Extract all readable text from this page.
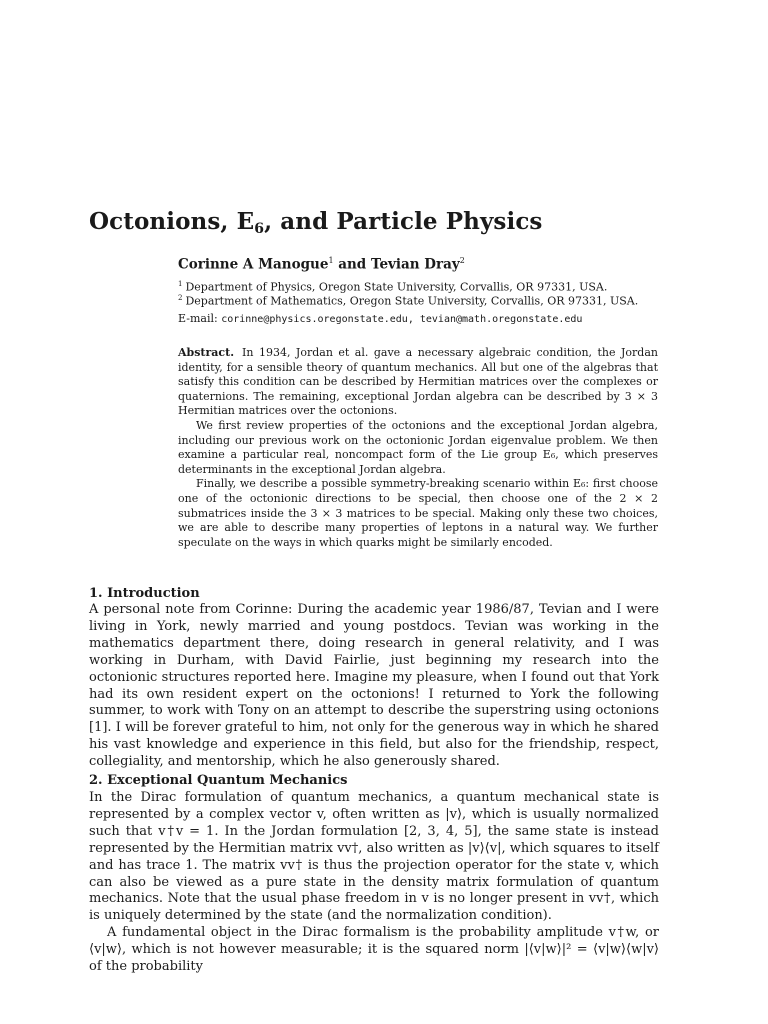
Octonions, $E_6$, and Particle Physics
Corinne A Manogue$^1$ and Tevian Dray$^2$
$^1$ Department of Physics, Oregon State University, Corvallis, OR 97331, USA.
$^2$ Department of Mathematics, Oregon State University, Corvallis, OR 97331, USA.
E-mail: corinne@physics.oregonstate.edu, tevian@math.oregonstate.edu

Abstract. In 1934, Jordan et al. gave a necessary algebraic condition, the Jordan identity, for a sensible theory of quantum mechanics. All but one of the algebras that satisfy this condition can be described by Hermitian matrices over the complexes or quaternions. The remaining, exceptional Jordan algebra can be described by 3 × 3 Hermitian matrices over the octonions.

We first review properties of the octonions and the exceptional Jordan algebra, including our previous work on the octonionic Jordan eigenvalue problem. We then examine a particular real, noncompact form of the Lie group E₆, which preserves determinants in the exceptional Jordan algebra.

Finally, we describe a possible symmetry-breaking scenario within E₆: first choose one of the octonionic directions to be special, then choose one of the 2 × 2 submatrices inside the 3 × 3 matrices to be special. Making only these two choices, we are able to describe many properties of leptons in a natural way. We further speculate on the ways in which quarks might be similarly encoded.

1. Introduction

A personal note from Corinne: During the academic year 1986/87, Tevian and I were living in York, newly married and young postdocs. Tevian was working in the mathematics department there, doing research in general relativity, and I was working in Durham, with David Fairlie, just beginning my research into the octonionic structures reported here. Imagine my pleasure, when I found out that York had its own resident expert on the octonions! I returned to York the following summer, to work with Tony on an attempt to describe the superstring using octonions [1]. I will be forever grateful to him, not only for the generous way in which he shared his vast knowledge and experience in this field, but also for the friendship, respect, collegiality, and mentorship, which he also generously shared.

2. Exceptional Quantum Mechanics

In the Dirac formulation of quantum mechanics, a quantum mechanical state is represented by a complex vector v, often written as |v⟩, which is usually normalized such that v†v = 1. In the Jordan formulation [2, 3, 4, 5], the same state is instead represented by the Hermitian matrix vv†, also written as |v⟩⟨v|, which squares to itself and has trace 1. The matrix vv† is thus the projection operator for the state v, which can also be viewed as a pure state in the density matrix formulation of quantum mechanics. Note that the usual phase freedom in v is no longer present in vv†, which is uniquely determined by the state (and the normalization condition).

A fundamental object in the Dirac formalism is the probability amplitude v†w, or ⟨v|w⟩, which is not however measurable; it is the squared norm |⟨v|w⟩|² = ⟨v|w⟩⟨w|v⟩ of the probability
